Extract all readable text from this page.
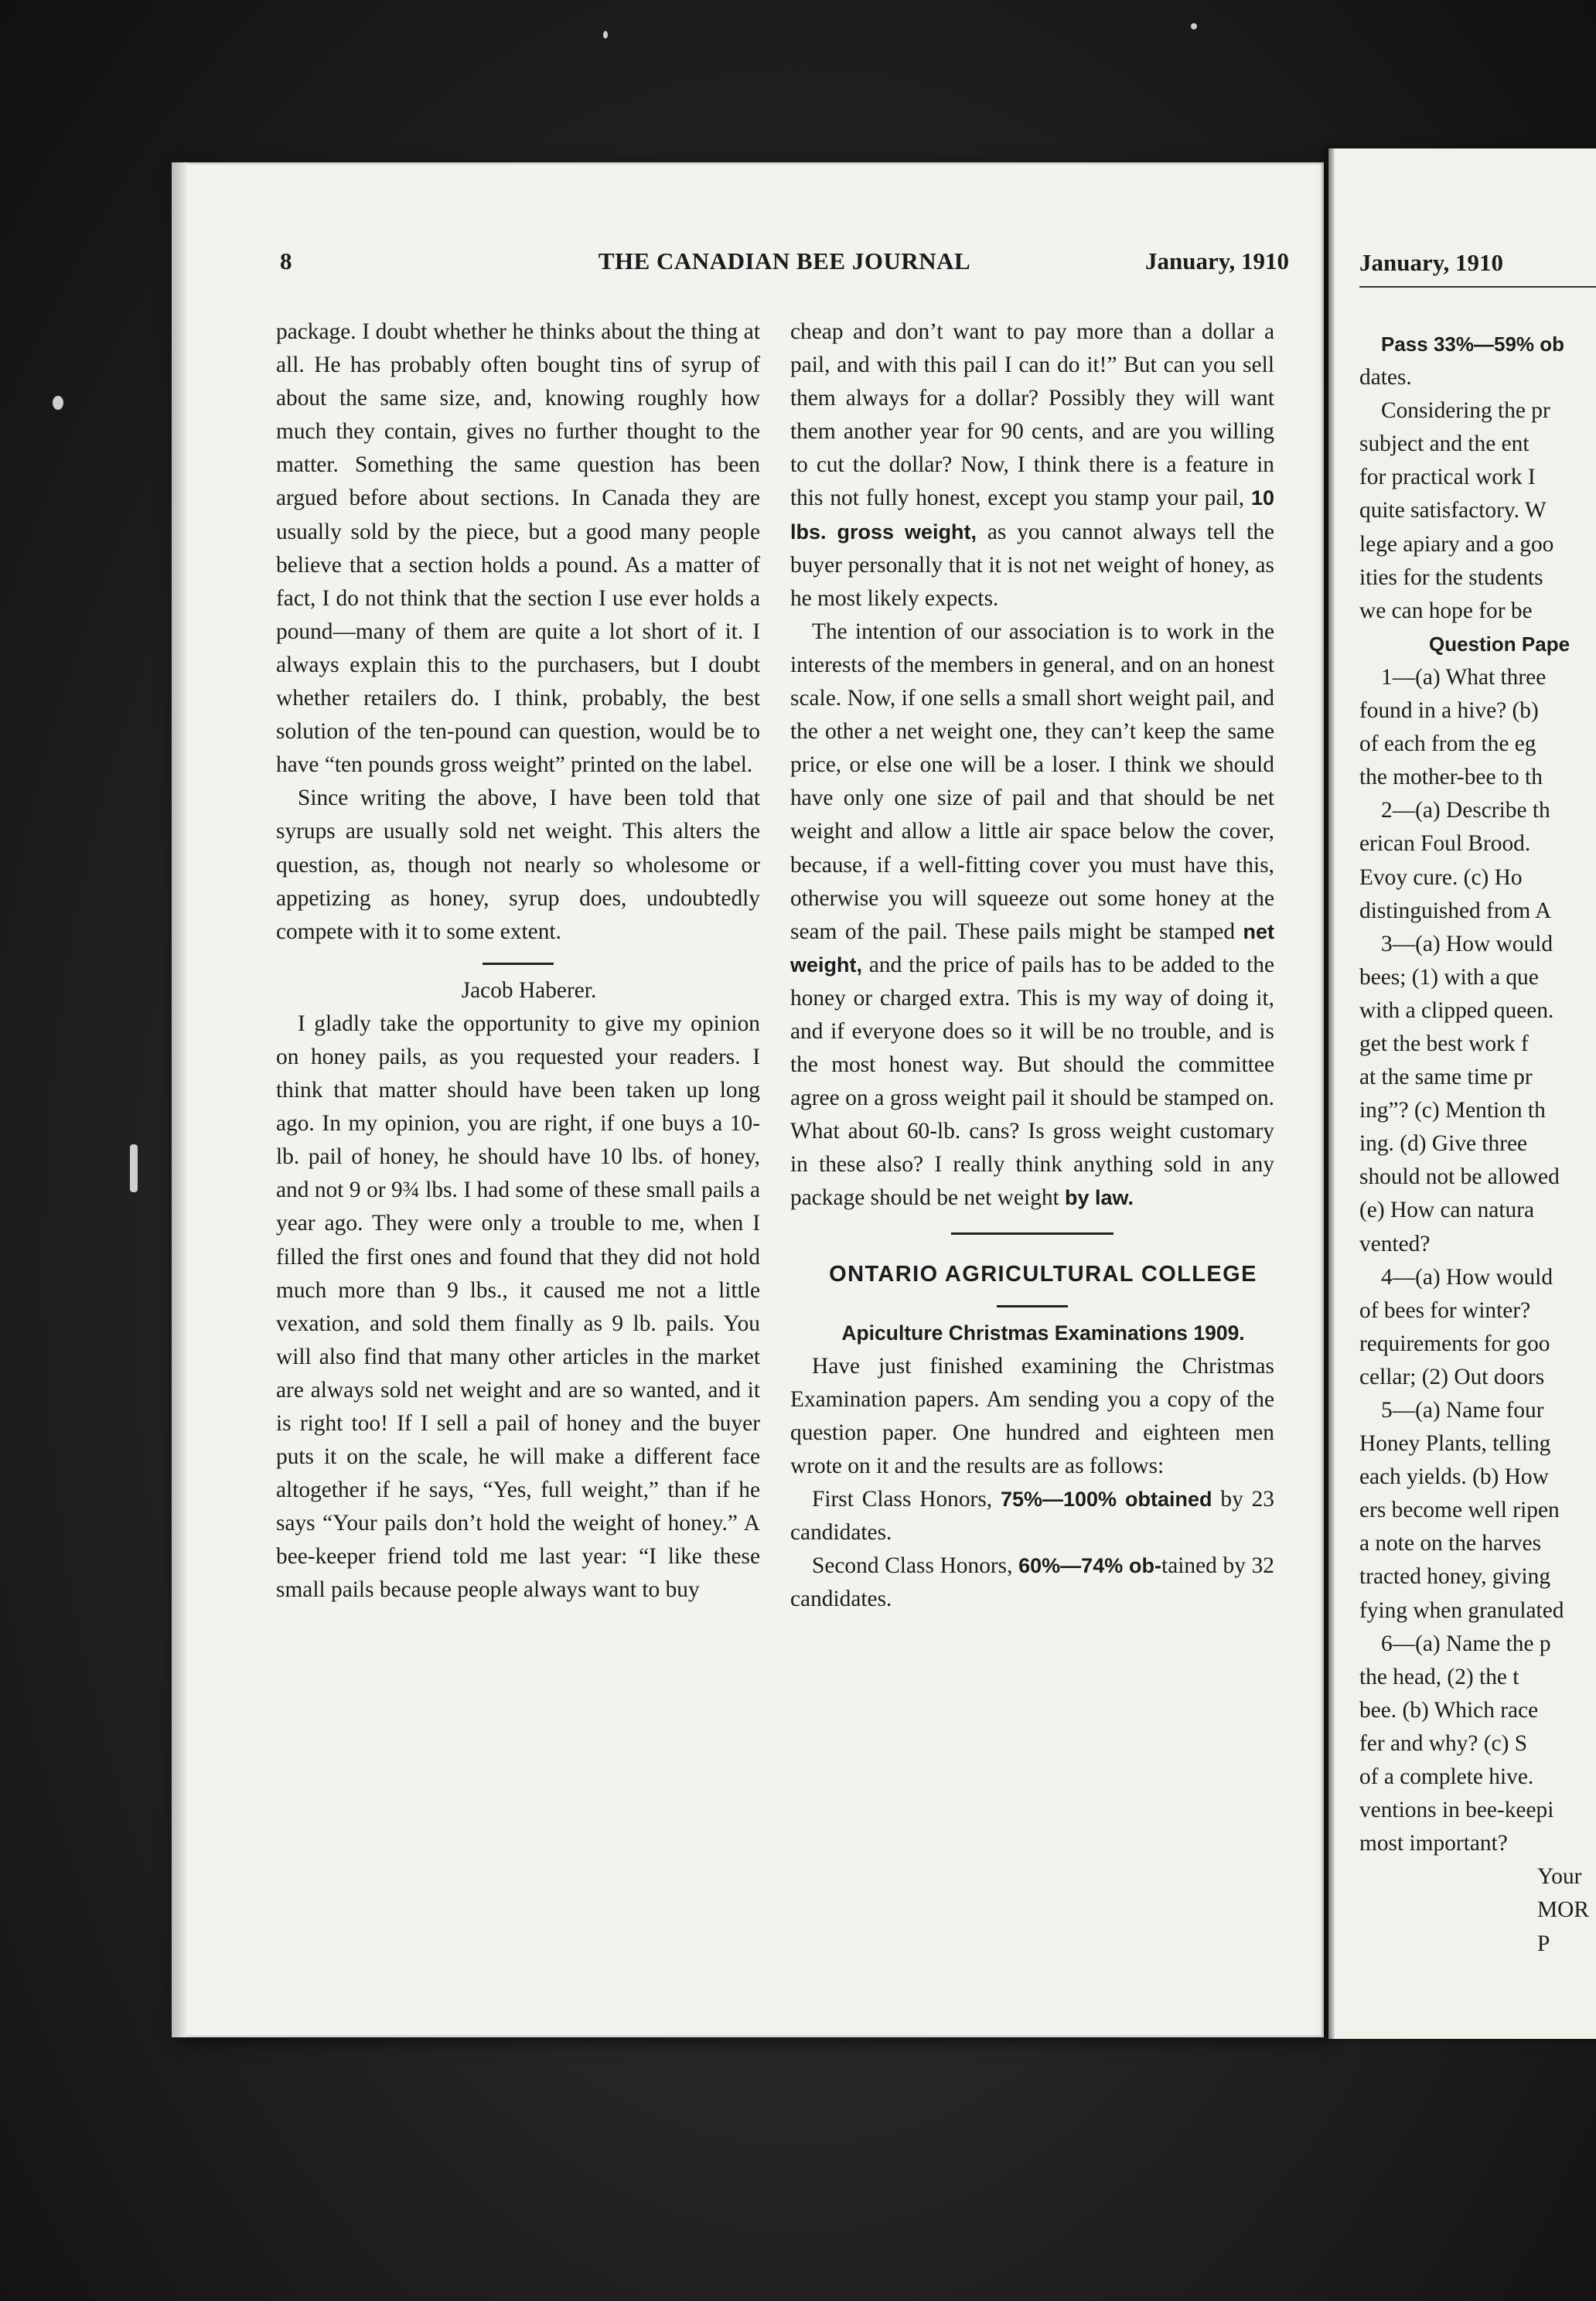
8	THE CANADIAN BEE JOURNAL	January, 1910

package. I doubt whether he thinks about the thing at all. He has probably often bought tins of syrup of about the same size, and, knowing roughly how much they contain, gives no further thought to the matter. Something the same question has been argued before about sections. In Canada they are usually sold by the piece, but a good many people believe that a section holds a pound. As a matter of fact, I do not think that the section I use ever holds a pound—many of them are quite a lot short of it. I always explain this to the purchasers, but I doubt whether retailers do. I think, probably, the best solution of the ten-pound can question, would be to have “ten pounds gross weight” printed on the label.

Since writing the above, I have been told that syrups are usually sold net weight. This alters the question, as, though not nearly so wholesome or appetizing as honey, syrup does, undoubtedly compete with it to some extent.

Jacob Haberer.

I gladly take the opportunity to give my opinion on honey pails, as you requested your readers. I think that matter should have been taken up long ago. In my opinion, you are right, if one buys a 10-lb. pail of honey, he should have 10 lbs. of honey, and not 9 or 9¾ lbs. I had some of these small pails a year ago. They were only a trouble to me, when I filled the first ones and found that they did not hold much more than 9 lbs., it caused me not a little vexation, and sold them finally as 9 lb. pails. You will also find that many other articles in the market are always sold net weight and are so wanted, and it is right too! If I sell a pail of honey and the buyer puts it on the scale, he will make a different face altogether if he says, “Yes, full weight,” than if he says “Your pails don’t hold the weight of honey.” A bee-keeper friend told me last year: “I like these small pails because people always want to buy

cheap and don’t want to pay more than a dollar a pail, and with this pail I can do it!” But can you sell them always for a dollar? Possibly they will want them another year for 90 cents, and are you willing to cut the dollar? Now, I think there is a feature in this not fully honest, except you stamp your pail, 10 lbs. gross weight, as you cannot always tell the buyer personally that it is not net weight of honey, as he most likely expects.

The intention of our association is to work in the interests of the members in general, and on an honest scale. Now, if one sells a small short weight pail, and the other a net weight one, they can’t keep the same price, or else one will be a loser. I think we should have only one size of pail and that should be net weight and allow a little air space below the cover, because, if a well-fitting cover you must have this, otherwise you will squeeze out some honey at the seam of the pail. These pails might be stamped net weight, and the price of pails has to be added to the honey or charged extra. This is my way of doing it, and if everyone does so it will be no trouble, and is the most honest way. But should the committee agree on a gross weight pail it should be stamped on. What about 60-lb. cans? Is gross weight customary in these also? I really think anything sold in any package should be net weight by law.

ONTARIO AGRICULTURAL COLLEGE

Apiculture Christmas Examinations 1909.

Have just finished examining the Christmas Examination papers. Am sending you a copy of the question paper. One hundred and eighteen men wrote on it and the results are as follows:

First Class Honors, 75%—100% obtained by 23 candidates.

Second Class Honors, 60%—74% ob-tained by 32 candidates.

January, 1910
Pass 33%—59% ob
dates.
Considering the pr
subject and the ent
for practical work I
quite satisfactory. W
lege apiary and a goo
ities for the students
we can hope for be
Question Pape
1—(a) What three
found in a hive? (b)
of each from the eg
the mother-bee to th
2—(a) Describe th
erican Foul Brood.
Evoy cure. (c) Ho
distinguished from A
3—(a) How would
bees; (1) with a que
with a clipped queen.
get the best work f
at the same time pr
ing”? (c) Mention th
ing. (d) Give three
should not be allowed
(e) How can natura
vented?
4—(a) How would
of bees for winter?
requirements for goo
cellar; (2) Out doors
5—(a) Name four
Honey Plants, telling
each yields. (b) How
ers become well ripen
a note on the harves
tracted honey, giving
fying when granulated
6—(a) Name the p
the head, (2) the t
bee. (b) Which race
fer and why? (c) S
of a complete hive.
ventions in bee-keepi
most important?
Your
MOR
P
